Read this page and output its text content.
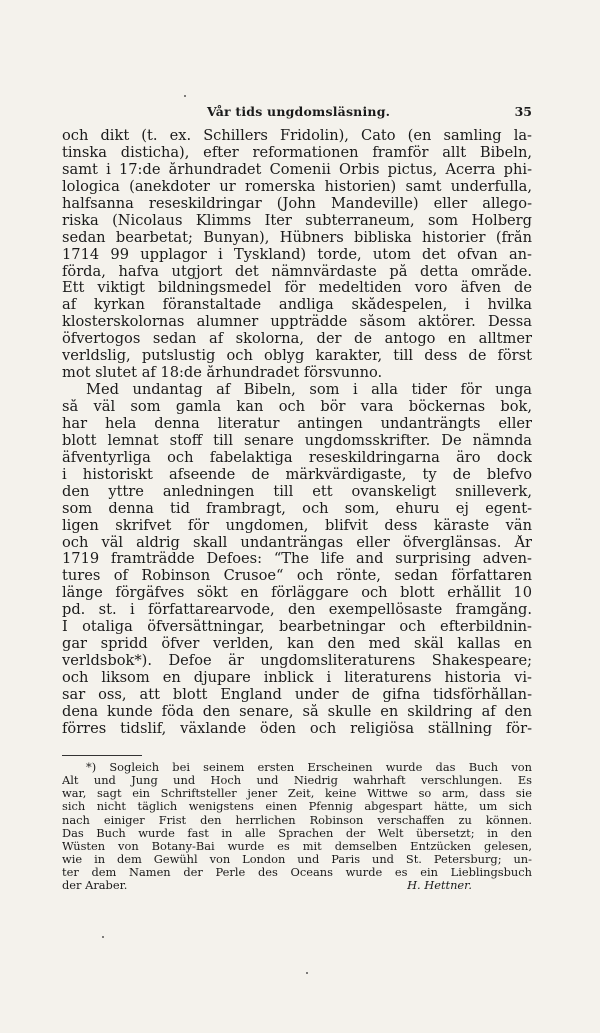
Vår tids ungdomsläsning.	35
och dikt (t. ex. Schillers Fridolin), Cato (en samling la-
tinska disticha), efter reformationen framför allt Bibeln,
samt i 17:de århundradet Comenii Orbis pictus, Acerra phi-
lologica (anekdoter ur romerska historien) samt underfulla,
halfsanna reseskildringar (John Mandeville) eller allego-
riska (Nicolaus Klimms Iter subterraneum, som Holberg
sedan bearbetat; Bunyan), Hübners bibliska historier (från
1714 99 upplagor i Tyskland) torde, utom det ofvan an-
förda, hafva utgjort det nämnvärdaste på detta område.
Ett viktigt bildningsmedel för medeltiden voro äfven de
af kyrkan föranstaltade andliga skådespelen, i hvilka
klosterskolornas alumner uppträdde såsom aktörer. Dessa
öfvertogos sedan af skolorna, der de antogo en alltmer
verldslig, putslustig och oblyg karakter, till dess de först
mot slutet af 18:de århundradet försvunno.
Med undantag af Bibeln, som i alla tider för unga
så väl som gamla kan och bör vara böckernas bok,
har hela denna literatur antingen undanträngts eller
blott lemnat stoff till senare ungdomsskrifter. De nämnda
äfventyrliga och fabelaktiga reseskildringarna äro dock
i historiskt afseende de märkvärdigaste, ty de blefvo
den yttre anledningen till ett ovanskeligt snilleverk,
som denna tid frambragt, och som, ehuru ej egent-
ligen skrifvet för ungdomen, blifvit dess käraste vän
och väl aldrig skall undanträngas eller öfverglänsas. År
1719 framträdde Defoes: “The life and surprising adven-
tures of Robinson Crusoe“ och rönte, sedan författaren
länge förgäfves sökt en förläggare och blott erhållit 10
pd. st. i författarearvode, den exempellösaste framgång.
I otaliga öfversättningar, bearbetningar och efterbildnin-
gar spridd öfver verlden, kan den med skäl kallas en
verldsbok*). Defoe är ungdomsliteraturens Shakespeare;
och liksom en djupare inblick i literaturens historia vi-
sar oss, att blott England under de gifna tidsförhållan-
dena kunde föda den senare, så skulle en skildring af den
förres tidslif, växlande öden och religiösa ställning för-
*) Sogleich bei seinem ersten Erscheinen wurde das Buch von
Alt und Jung und Hoch und Niedrig wahrhaft verschlungen. Es
war, sagt ein Schriftsteller jener Zeit, keine Wittwe so arm, dass sie
sich nicht täglich wenigstens einen Pfennig abgespart hätte, um sich
nach einiger Frist den herrlichen Robinson verschaffen zu können.
Das Buch wurde fast in alle Sprachen der Welt übersetzt; in den
Wüsten von Botany-Bai wurde es mit demselben Entzücken gelesen,
wie in dem Gewühl von London und Paris und St. Petersburg; un-
ter dem Namen der Perle des Oceans wurde es ein Lieblingsbuch
der Araber.	H. Hettner.
